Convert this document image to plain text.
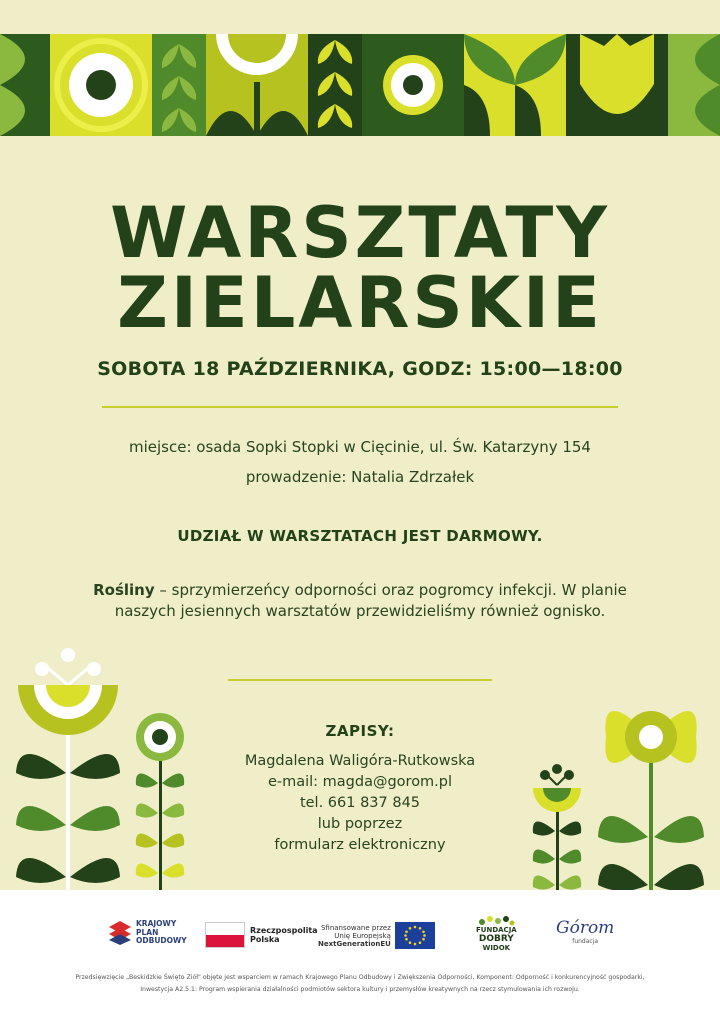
WARSZTATY
ZIELARSKIE
SOBOTA 18 PAŹDZIERNIKA, GODZ: 15:00—18:00
miejsce: osada Sopki Stopki w Cięcinie, ul. Św. Katarzyny 154
prowadzenie: Natalia Zdrzałek
UDZIAŁ W WARSZTATACH JEST DARMOWY.
Rośliny – sprzymierzeńcy odporności oraz pogromcy infekcji. W planie naszych jesiennych warsztatów przewidzieliśmy również ognisko.
ZAPISY:
Magdalena Waligóra-Rutkowska
e-mail: magda@gorom.pl
tel. 661 837 845
lub poprzez
formularz elektroniczny
KRAJOWY
PLAN
ODBUDOWY
Rzeczpospolita
Polska
Sfinansowane przez
Unię Europejską
NextGenerationEU
FUNDACJA
DOBRY
WIDOK
Górom
fundacja
Przedsięwzięcie „Beskidzkie Święto Ziół" objęte jest wsparciem w ramach Krajowego Planu Odbudowy i Zwiększenia Odporności, Komponent: Odporność i konkurencyjność gospodarki,
Inwestycja A2.5.1: Program wspierania działalności podmiotów sektora kultury i przemysłów kreatywnych na rzecz stymulowania ich rozwoju.
